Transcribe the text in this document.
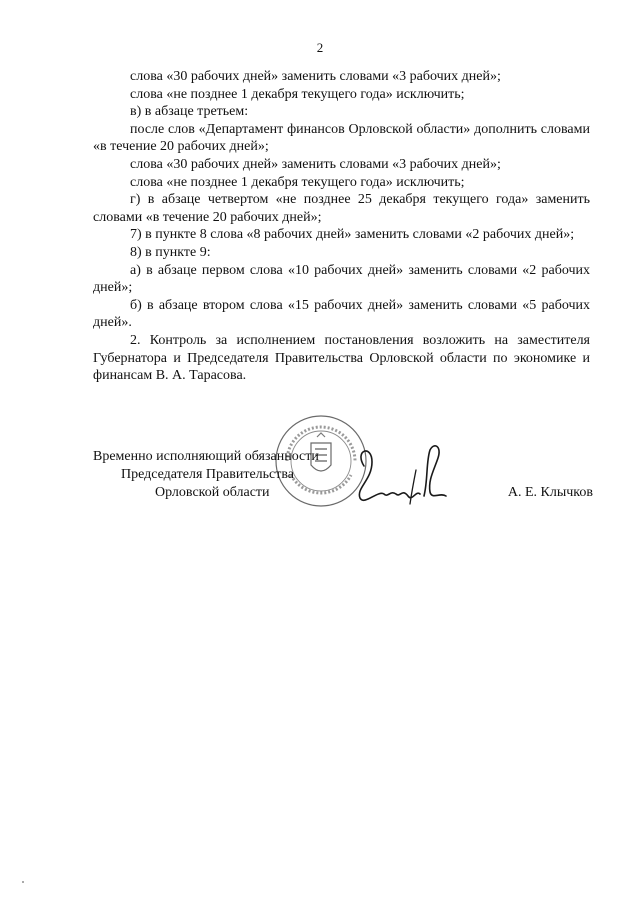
2

слова «30 рабочих дней» заменить словами «3 рабочих дней»;

слова «не позднее 1 декабря текущего года» исключить;

в) в абзаце третьем:

после слов «Департамент финансов Орловской области» дополнить словами «в течение 20 рабочих дней»;

слова «30 рабочих дней» заменить словами «3 рабочих дней»;

слова «не позднее 1 декабря текущего года» исключить;

г) в абзаце четвертом «не позднее 25 декабря текущего года» заменить словами «в течение 20 рабочих дней»;

7) в пункте 8 слова «8 рабочих дней» заменить словами «2 рабочих дней»;

8) в пункте 9:

а) в абзаце первом слова «10 рабочих дней» заменить словами «2 рабочих дней»;

б) в абзаце втором слова «15 рабочих дней» заменить словами «5 рабочих дней».

2. Контроль за исполнением постановления возложить на заместителя Губернатора и Председателя Правительства Орловской области по экономике и финансам В. А. Тарасова.

Временно исполняющий обязанности
Председателя Правительства
Орловской области	А. Е. Клычков
